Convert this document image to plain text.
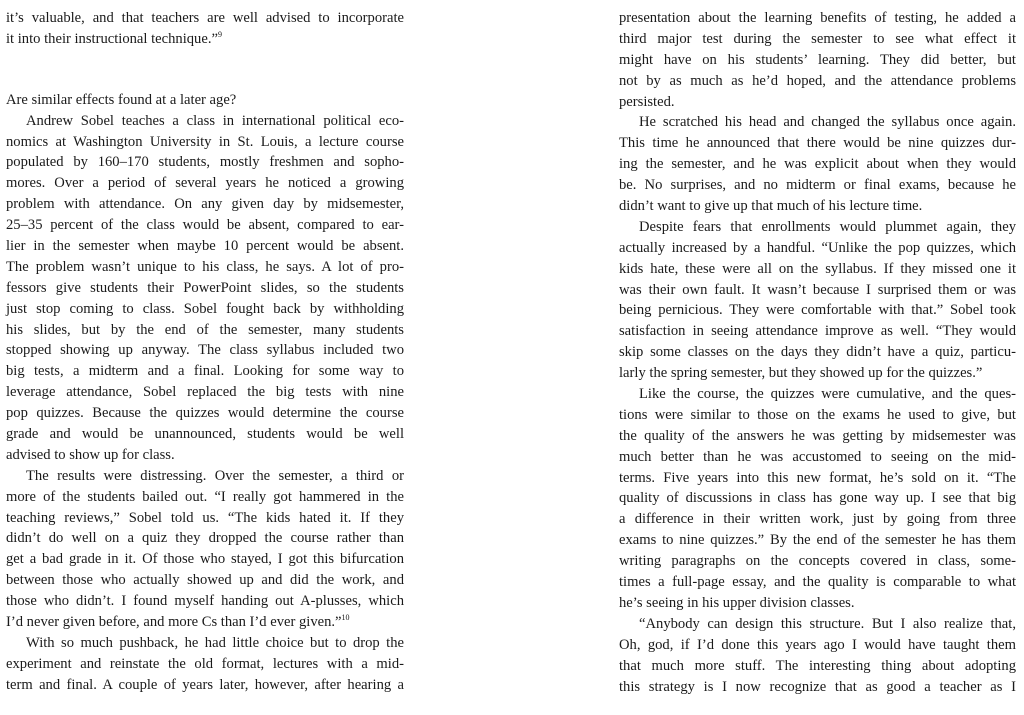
it’s valuable, and that teachers are well advised to incorporate
it into their instructional technique.”$^9$
Are similar effects found at a later age?
Andrew Sobel teaches a class in international political eco-
nomics at Washington University in St. Louis, a lecture course
populated by 160–170 students, mostly freshmen and sopho-
mores. Over a period of several years he noticed a growing
problem with attendance. On any given day by midsemester,
25–35 percent of the class would be absent, compared to ear-
lier in the semester when maybe 10 percent would be absent.
The problem wasn’t unique to his class, he says. A lot of pro-
fessors give students their PowerPoint slides, so the students
just stop coming to class. Sobel fought back by withholding
his slides, but by the end of the semester, many students
stopped showing up anyway. The class syllabus included two
big tests, a midterm and a final. Looking for some way to
leverage attendance, Sobel replaced the big tests with nine
pop quizzes. Because the quizzes would determine the course
grade and would be unannounced, students would be well
advised to show up for class.
The results were distressing. Over the semester, a third or
more of the students bailed out. “I really got hammered in the
teaching reviews,” Sobel told us. “The kids hated it. If they
didn’t do well on a quiz they dropped the course rather than
get a bad grade in it. Of those who stayed, I got this bifurcation
between those who actually showed up and did the work, and
those who didn’t. I found myself handing out A-plusses, which
I’d never given before, and more Cs than I’d ever given.”$^{10}$
With so much pushback, he had little choice but to drop the
experiment and reinstate the old format, lectures with a mid-
term and final. A couple of years later, however, after hearing a
presentation about the learning benefits of testing, he added a
third major test during the semester to see what effect it
might have on his students’ learning. They did better, but
not by as much as he’d hoped, and the attendance problems
persisted.
He scratched his head and changed the syllabus once again.
This time he announced that there would be nine quizzes dur-
ing the semester, and he was explicit about when they would
be. No surprises, and no midterm or final exams, because he
didn’t want to give up that much of his lecture time.
Despite fears that enrollments would plummet again, they
actually increased by a handful. “Unlike the pop quizzes, which
kids hate, these were all on the syllabus. If they missed one it
was their own fault. It wasn’t because I surprised them or was
being pernicious. They were comfortable with that.” Sobel took
satisfaction in seeing attendance improve as well. “They would
skip some classes on the days they didn’t have a quiz, particu-
larly the spring semester, but they showed up for the quizzes.”
Like the course, the quizzes were cumulative, and the ques-
tions were similar to those on the exams he used to give, but
the quality of the answers he was getting by midsemester was
much better than he was accustomed to seeing on the mid-
terms. Five years into this new format, he’s sold on it. “The
quality of discussions in class has gone way up. I see that big
a difference in their written work, just by going from three
exams to nine quizzes.” By the end of the semester he has them
writing paragraphs on the concepts covered in class, some-
times a full-page essay, and the quality is comparable to what
he’s seeing in his upper division classes.
“Anybody can design this structure. But I also realize that,
Oh, god, if I’d done this years ago I would have taught them
that much more stuff. The interesting thing about adopting
this strategy is I now recognize that as good a teacher as I
